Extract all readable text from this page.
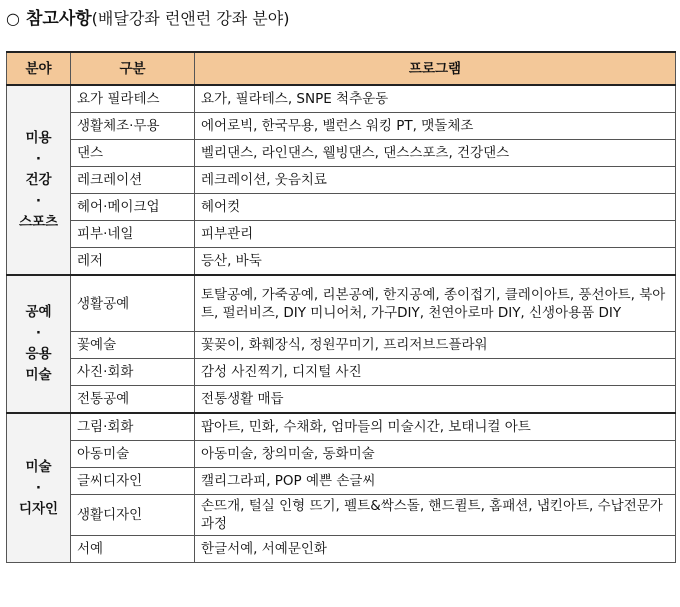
○ 참고사항(배달강좌 런앤런 강좌 분야)
분야	구분	프로그램

미용
·
건강
·
스포츠	요가 필라테스	요가, 필라테스, SNPE 척추운동
	생활체조·무용	에어로빅, 한국무용, 밸런스 워킹 PT, 맷돌체조
	댄스	벨리댄스, 라인댄스, 웰빙댄스, 댄스스포츠, 건강댄스
	레크레이션	레크레이션, 웃음치료
	헤어·메이크업	헤어컷
	피부·네일	피부관리
	레저	등산, 바둑

공예
·
응용
미술	생활공예	토탈공예, 가죽공예, 리본공예, 한지공예, 종이접기, 클레이아트, 풍선아트, 북아트, 펄러비즈, DIY 미니어처, 가구DIY, 천연아로마 DIY, 신생아용품 DIY
	꽃예술	꽃꽂이, 화훼장식, 정원꾸미기, 프리저브드플라워
	사진·회화	감성 사진찍기, 디지털 사진
	전통공예	전통생활 매듭

미술
·
디자인	그림·회화	팝아트, 민화, 수채화, 엄마들의 미술시간, 보태니컬 아트
	아동미술	아동미술, 창의미술, 동화미술
	글씨디자인	캘리그라피, POP 예쁜 손글씨
	생활디자인	손뜨개, 털실 인형 뜨기, 펠트&싹스돌, 핸드퀼트, 홈패션, 냅킨아트, 수납전문가 과정
	서예	한글서예, 서예문인화
